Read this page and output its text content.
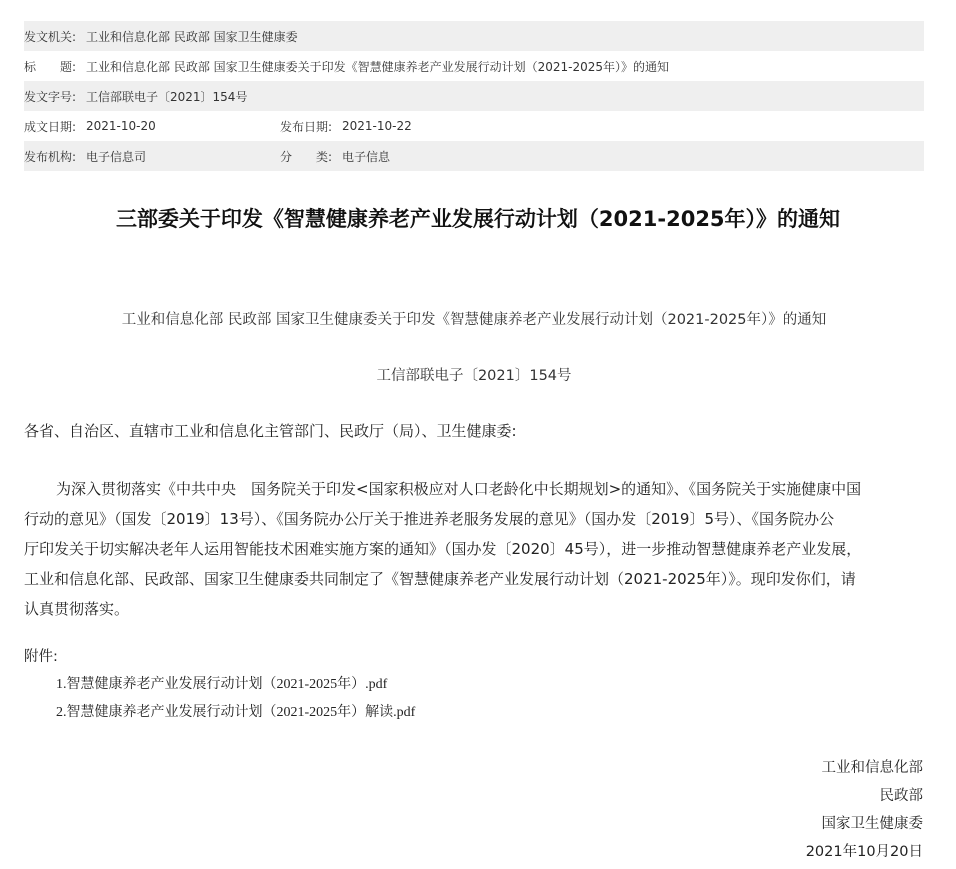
发文机关: 工业和信息化部 民政部 国家卫生健康委
标　　题: 工业和信息化部 民政部 国家卫生健康委关于印发《智慧健康养老产业发展行动计划（2021-2025年）》的通知
发文字号: 工信部联电子〔2021〕154号
成文日期: 2021-10-20	发布日期: 2021-10-22
发布机构: 电子信息司	分　　类: 电子信息
三部委关于印发《智慧健康养老产业发展行动计划（2021-2025年）》的通知
工业和信息化部 民政部 国家卫生健康委关于印发《智慧健康养老产业发展行动计划（2021-2025年）》的通知
工信部联电子〔2021〕154号
各省、自治区、直辖市工业和信息化主管部门、民政厅（局）、卫生健康委:
为深入贯彻落实《中共中央　国务院关于印发<国家积极应对人口老龄化中长期规划>的通知》、《国务院关于实施健康中国
行动的意见》（国发〔2019〕13号）、《国务院办公厅关于推进养老服务发展的意见》（国办发〔2019〕5号）、《国务院办公
厅印发关于切实解决老年人运用智能技术困难实施方案的通知》（国办发〔2020〕45号），进一步推动智慧健康养老产业发展，
工业和信息化部、民政部、国家卫生健康委共同制定了《智慧健康养老产业发展行动计划（2021-2025年）》。现印发你们，请
认真贯彻落实。
附件:
1.智慧健康养老产业发展行动计划（2021-2025年）.pdf
2.智慧健康养老产业发展行动计划（2021-2025年）解读.pdf
工业和信息化部
民政部
国家卫生健康委
2021年10月20日
